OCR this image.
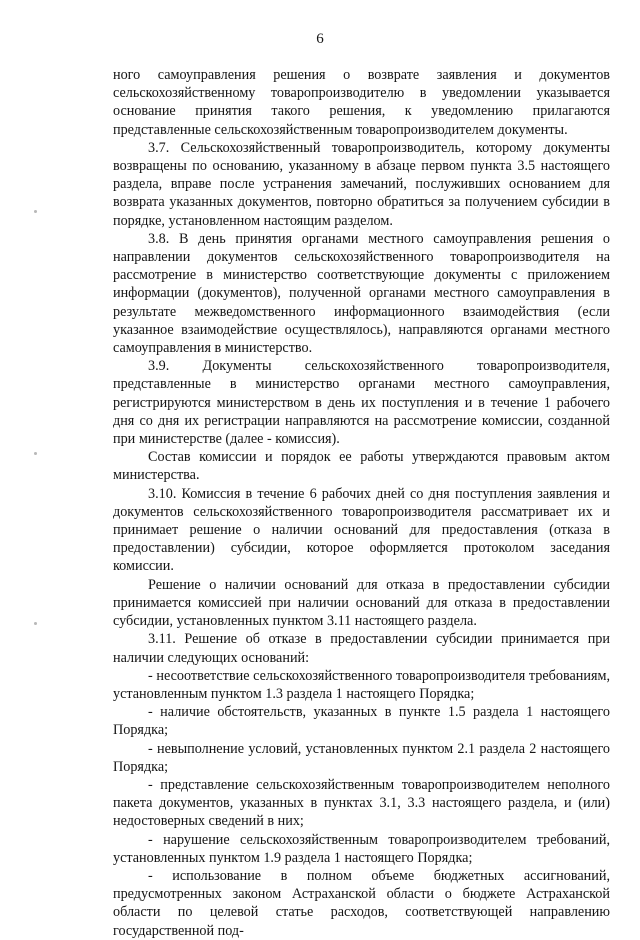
6

ного самоуправления решения о возврате заявления и документов сельскохозяйственному товаропроизводителю в уведомлении указывается основание принятия такого решения, к уведомлению прилагаются представленные сельскохозяйственным товаропроизводителем документы.

3.7. Сельскохозяйственный товаропроизводитель, которому документы возвращены по основанию, указанному в абзаце первом пункта 3.5 настоящего раздела, вправе после устранения замечаний, послуживших основанием для возврата указанных документов, повторно обратиться за получением субсидии в порядке, установленном настоящим разделом.

3.8. В день принятия органами местного самоуправления решения о направлении документов сельскохозяйственного товаропроизводителя на рассмотрение в министерство соответствующие документы с приложением информации (документов), полученной органами местного самоуправления в результате межведомственного информационного взаимодействия (если указанное взаимодействие осуществлялось), направляются органами местного самоуправления в министерство.

3.9. Документы сельскохозяйственного товаропроизводителя, представленные в министерство органами местного самоуправления, регистрируются министерством в день их поступления и в течение 1 рабочего дня со дня их регистрации направляются на рассмотрение комиссии, созданной при министерстве (далее - комиссия).

Состав комиссии и порядок ее работы утверждаются правовым актом министерства.

3.10. Комиссия в течение 6 рабочих дней со дня поступления заявления и документов сельскохозяйственного товаропроизводителя рассматривает их и принимает решение о наличии оснований для предоставления (отказа в предоставлении) субсидии, которое оформляется протоколом заседания комиссии.

Решение о наличии оснований для отказа в предоставлении субсидии принимается комиссией при наличии оснований для отказа в предоставлении субсидии, установленных пунктом 3.11 настоящего раздела.

3.11. Решение об отказе в предоставлении субсидии принимается при наличии следующих оснований:

- несоответствие сельскохозяйственного товаропроизводителя требованиям, установленным пунктом 1.3 раздела 1 настоящего Порядка;

- наличие обстоятельств, указанных в пункте 1.5 раздела 1 настоящего Порядка;

- невыполнение условий, установленных пунктом 2.1 раздела 2 настоящего Порядка;

- представление сельскохозяйственным товаропроизводителем неполного пакета документов, указанных в пунктах 3.1, 3.3 настоящего раздела, и (или) недостоверных сведений в них;

- нарушение сельскохозяйственным товаропроизводителем требований, установленных пунктом 1.9 раздела 1 настоящего Порядка;

- использование в полном объеме бюджетных ассигнований, предусмотренных законом Астраханской области о бюджете Астраханской области по целевой статье расходов, соответствующей направлению государственной под-
